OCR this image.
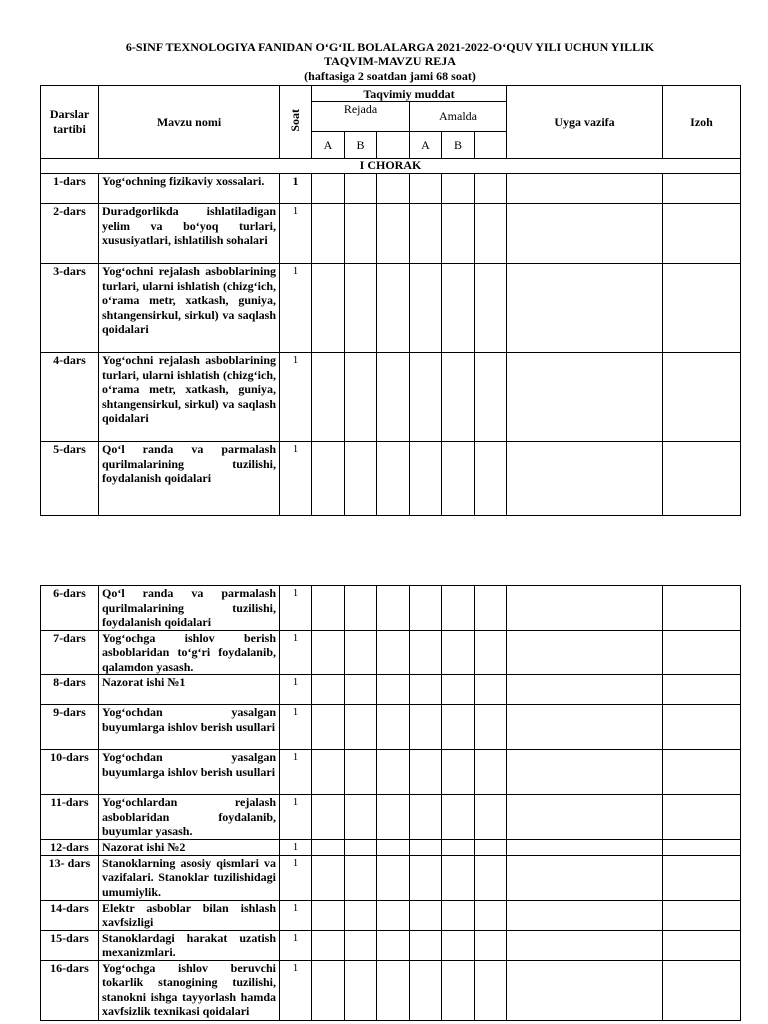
6-SINF TEXNOLOGIYA FANIDAN O‘G‘IL BOLALARGA 2021-2022-O‘QUV YILI UCHUN YILLIK
TAQVIM-MAVZU REJA
(haftasiga 2 soatdan jami 68 soat)
Darslar tartibi	Mavzu nomi	Soat	Taqvimiy muddat						Uyga vazifa	Izoh
			Rejada			Amalda				
			A	B		A	B			
I CHORAK										
1-dars	Yog‘ochning fizikaviy xossalari.	1								
2-dars	Duradgorlikda ishlatiladigan yelim va bo‘yoq turlari, xususiyatlari, ishlatilish sohalari	1								
3-dars	Yog‘ochni rejalash asboblarining turlari, ularni ishlatish (chizg‘ich, o‘rama metr, xatkash, guniya, shtangensirkul, sirkul) va saqlash qoidalari	1								
4-dars	Yog‘ochni rejalash asboblarining turlari, ularni ishlatish (chizg‘ich, o‘rama metr, xatkash, guniya, shtangensirkul, sirkul) va saqlash qoidalari	1								
5-dars	Qo‘l randa va parmalash qurilmalarining tuzilishi, foydalanish qoidalari	1								
6-dars	Qo‘l randa va parmalash qurilmalarining tuzilishi, foydalanish qoidalari	1								
7-dars	Yog‘ochga ishlov berish asboblaridan to‘g‘ri foydalanib, qalamdon yasash.	1								
8-dars	Nazorat ishi №1	1								
9-dars	Yog‘ochdan yasalgan buyumlarga ishlov berish usullari	1								
10-dars	Yog‘ochdan yasalgan buyumlarga ishlov berish usullari	1								
11-dars	Yog‘ochlardan rejalash asboblaridan foydalanib, buyumlar yasash.	1								
12-dars	Nazorat ishi №2	1								
13- dars	Stanoklarning asosiy qismlari va vazifalari. Stanoklar tuzilishidagi umumiylik.	1								
14-dars	Elektr asboblar bilan ishlash xavfsizligi	1								
15-dars	Stanoklardagi harakat uzatish mexanizmlari.	1								
16-dars	Yog‘ochga ishlov beruvchi tokarlik stanogining tuzilishi, stanokni ishga tayyorlash hamda xavfsizlik texnikasi qoidalari	1								
